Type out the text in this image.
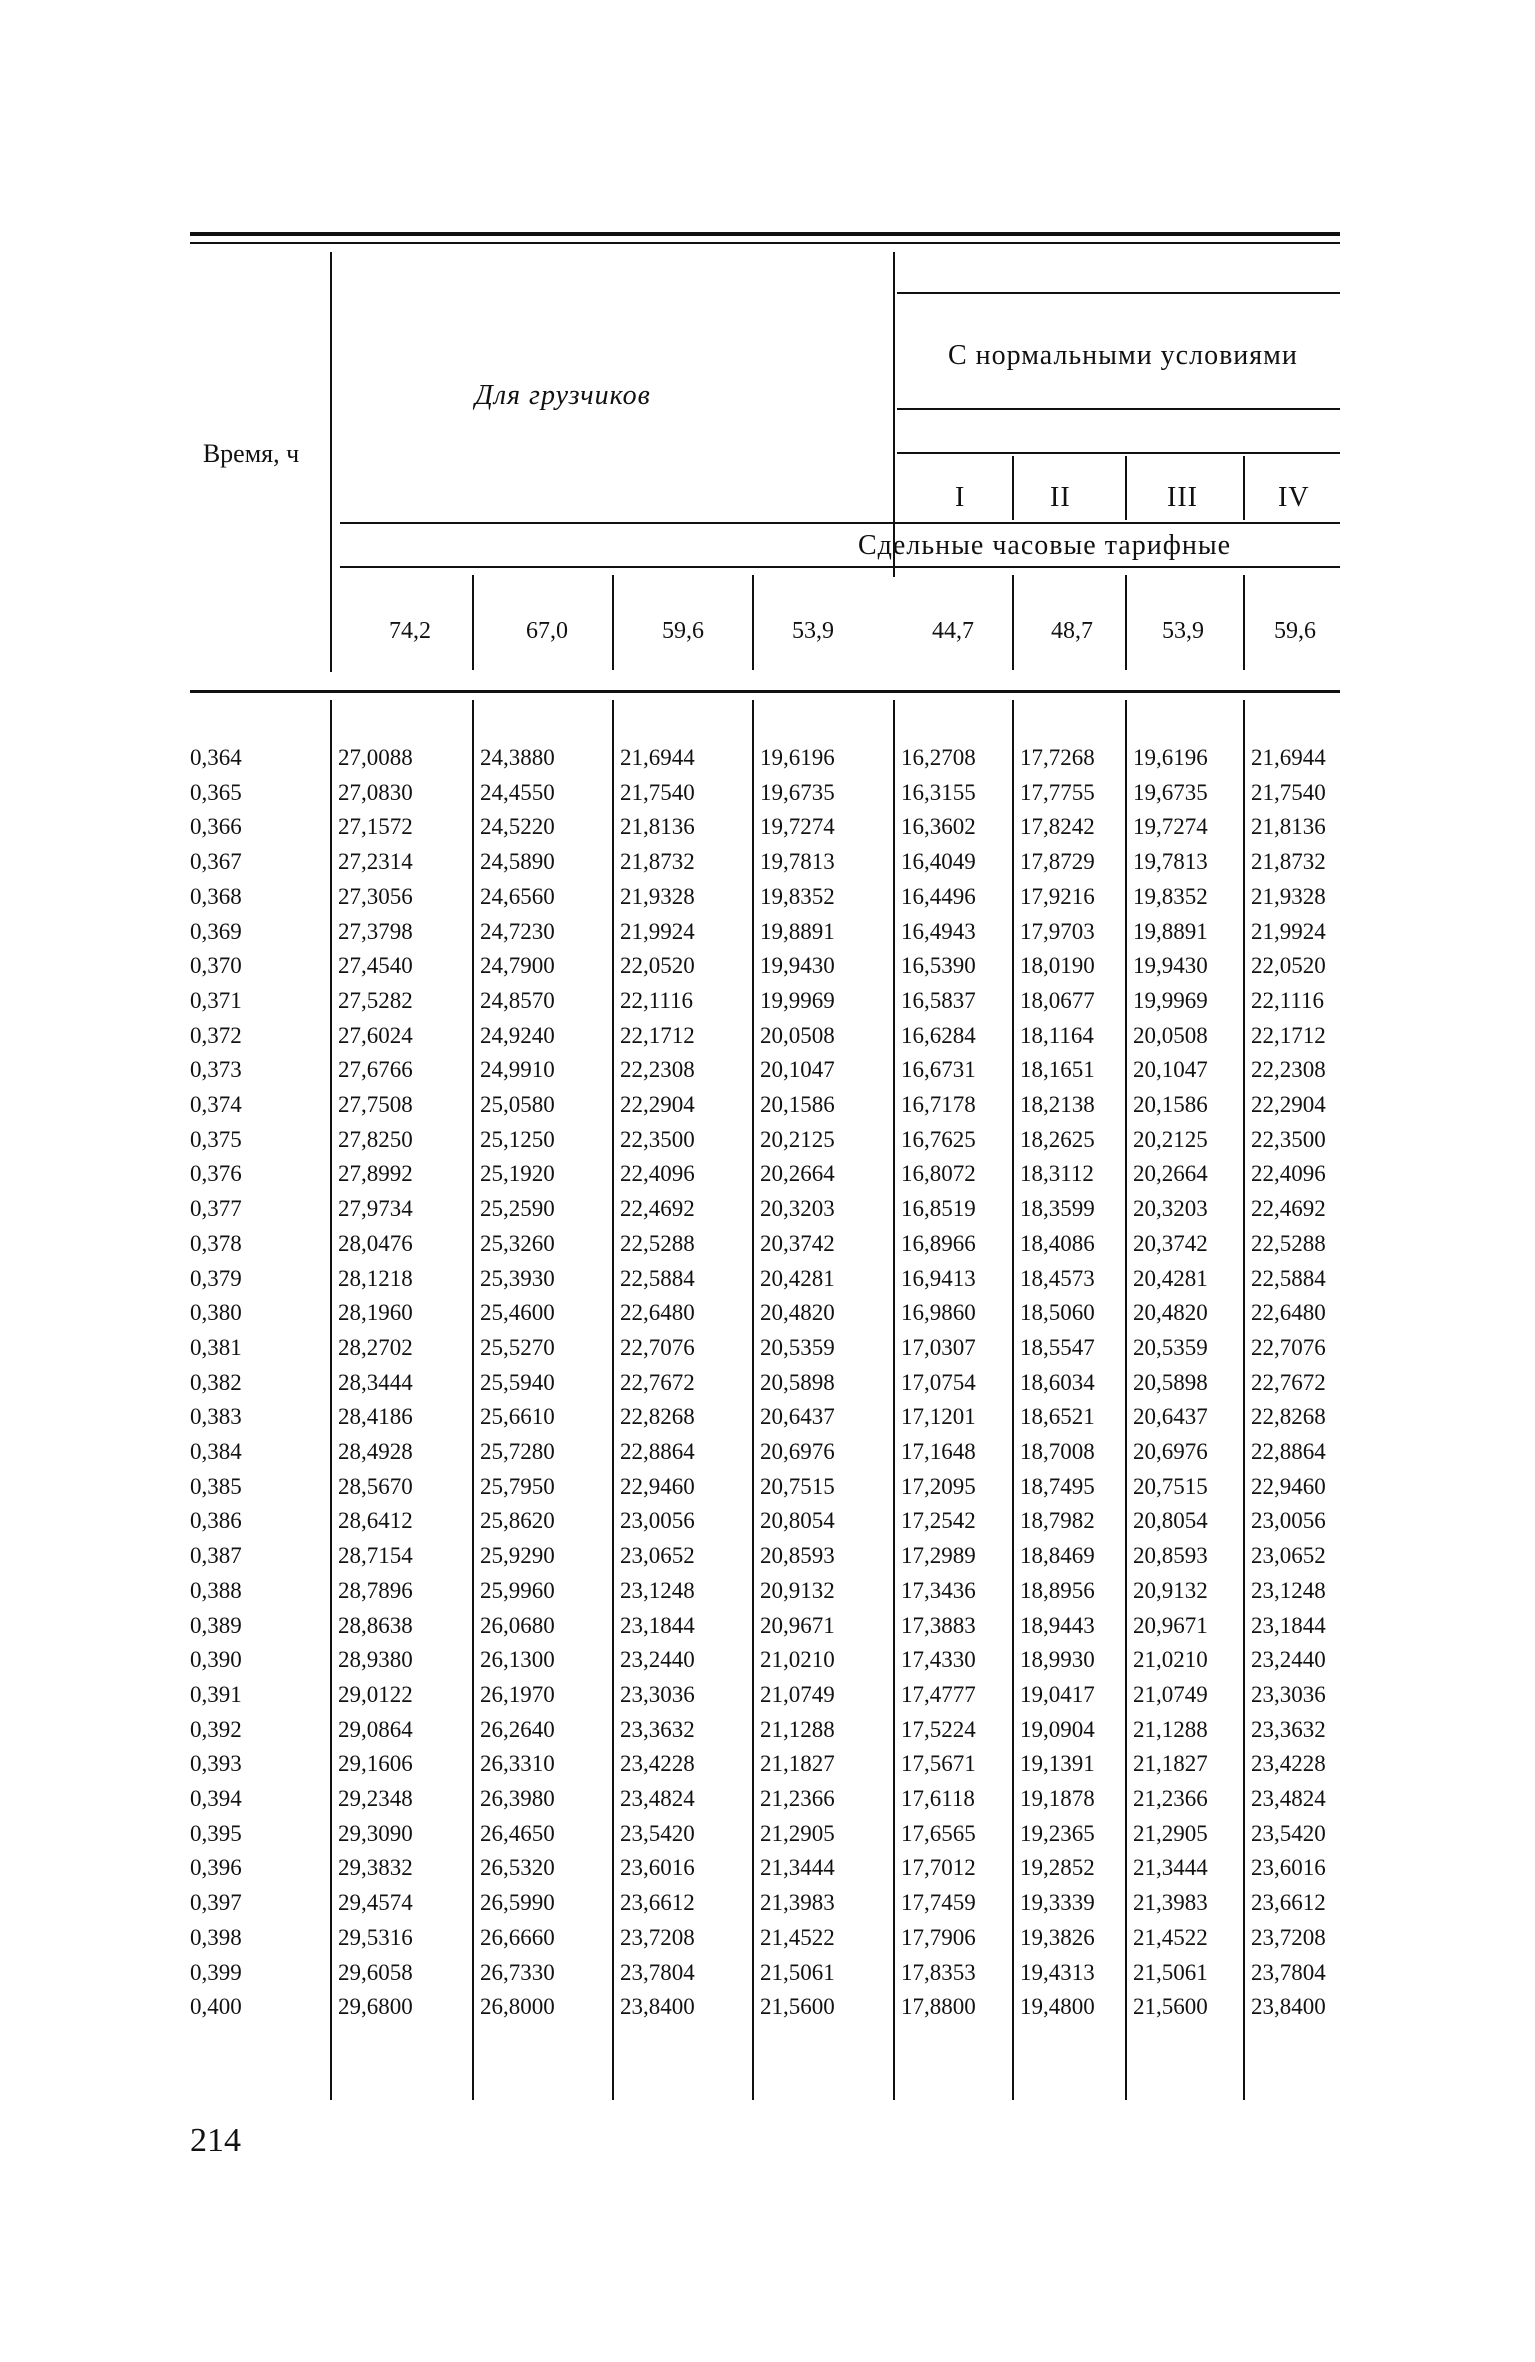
Время, ч
Для грузчиков
С нормальными условиями
I	II	III	IV
Сдельные часовые тарифные
74,2	67,0	59,6	53,9	44,7	48,7	53,9	59,6
0,364	27,0088	24,3880	21,6944	19,6196	16,2708 17,7268 19,6196 21,6944
0,365	27,0830	24,4550	21,7540	19,6735	16,3155 17,7755 19,6735 21,7540
0,366	27,1572	24,5220	21,8136	19,7274	16,3602 17,8242 19,7274 21,8136
0,367	27,2314	24,5890	21,8732	19,7813	16,4049 17,8729 19,7813 21,8732
0,368	27,3056	24,6560	21,9328	19,8352	16,4496 17,9216 19,8352 21,9328
0,369	27,3798	24,7230	21,9924	19,8891	16,4943 17,9703 19,8891 21,9924
0,370	27,4540	24,7900	22,0520	19,9430	16,5390 18,0190 19,9430 22,0520
0,371	27,5282	24,8570	22,1116	19,9969	16,5837 18,0677 19,9969 22,1116
0,372	27,6024	24,9240	22,1712	20,0508	16,6284 18,1164 20,0508 22,1712
0,373	27,6766	24,9910	22,2308	20,1047	16,6731 18,1651 20,1047 22,2308
0,374	27,7508	25,0580	22,2904	20,1586	16,7178 18,2138 20,1586 22,2904
0,375	27,8250	25,1250	22,3500	20,2125	16,7625 18,2625 20,2125 22,3500
0,376	27,8992	25,1920	22,4096	20,2664	16,8072 18,3112 20,2664 22,4096
0,377	27,9734	25,2590	22,4692	20,3203	16,8519 18,3599 20,3203 22,4692
0,378	28,0476	25,3260	22,5288	20,3742	16,8966 18,4086 20,3742 22,5288
0,379	28,1218	25,3930	22,5884	20,4281	16,9413 18,4573 20,4281 22,5884
0,380	28,1960	25,4600	22,6480	20,4820	16,9860 18,5060 20,4820 22,6480
0,381	28,2702	25,5270	22,7076	20,5359	17,0307 18,5547 20,5359 22,7076
0,382	28,3444	25,5940	22,7672	20,5898	17,0754 18,6034 20,5898 22,7672
0,383	28,4186	25,6610	22,8268	20,6437	17,1201 18,6521 20,6437 22,8268
0,384	28,4928	25,7280	22,8864	20,6976	17,1648 18,7008 20,6976 22,8864
0,385	28,5670	25,7950	22,9460	20,7515	17,2095 18,7495 20,7515 22,9460
0,386	28,6412	25,8620	23,0056	20,8054	17,2542 18,7982 20,8054 23,0056
0,387	28,7154	25,9290	23,0652	20,8593	17,2989 18,8469 20,8593 23,0652
0,388	28,7896	25,9960	23,1248	20,9132	17,3436 18,8956 20,9132 23,1248
0,389	28,8638	26,0680	23,1844	20,9671	17,3883 18,9443 20,9671 23,1844
0,390	28,9380	26,1300	23,2440	21,0210	17,4330 18,9930 21,0210 23,2440
0,391	29,0122	26,1970	23,3036	21,0749	17,4777 19,0417 21,0749 23,3036
0,392	29,0864	26,2640	23,3632	21,1288	17,5224 19,0904 21,1288 23,3632
0,393	29,1606	26,3310	23,4228	21,1827	17,5671 19,1391 21,1827 23,4228
0,394	29,2348	26,3980	23,4824	21,2366	17,6118 19,1878 21,2366 23,4824
0,395	29,3090	26,4650	23,5420	21,2905	17,6565 19,2365 21,2905 23,5420
0,396	29,3832	26,5320	23,6016	21,3444	17,7012 19,2852 21,3444 23,6016
0,397	29,4574	26,5990	23,6612	21,3983	17,7459 19,3339 21,3983 23,6612
0,398	29,5316	26,6660	23,7208	21,4522	17,7906 19,3826 21,4522 23,7208
0,399	29,6058	26,7330	23,7804	21,5061	17,8353 19,4313 21,5061 23,7804
0,400	29,6800	26,8000	23,8400	21,5600	17,8800 19,4800 21,5600 23,8400
214
